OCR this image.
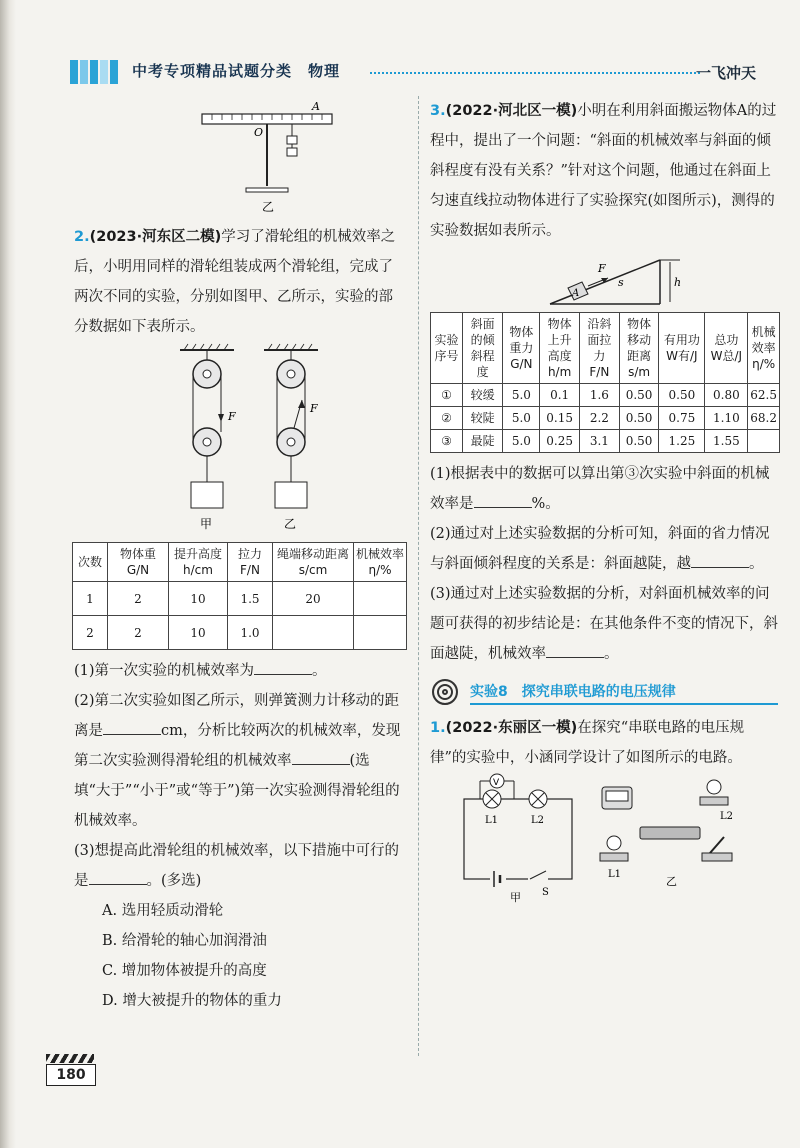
中考专项精品试题分类　物理	一飞冲天
A
O
乙

2.(2023·河东区二模)学习了滑轮组的机械效率之后，小明用同样的滑轮组装成两个滑轮组，完成了两次不同的实验，分别如图甲、乙所示，实验的部分数据如下表所示。

F
甲
F
乙
次数	物体重 G/N	提升高度 h/cm	拉力 F/N	绳端移动距离 s/cm	机械效率 η/%
1	2	10	1.5	20	
2	2	10	1.0		

(1)第一次实验的机械效率为	。

(2)第二次实验如图乙所示，则弹簧测力计移动的距离是	cm，分析比较两次的机械效率，发现第二次实验测得滑轮组的机械效率	(选填“大于”“小于”或“等于”)第一次实验测得滑轮组的机械效率。

(3)想提高此滑轮组的机械效率，以下措施中可行的是	。(多选)

A. 选用轻质动滑轮

B. 给滑轮的轴心加润滑油

C. 增加物体被提升的高度

D. 增大被提升的物体的重力

3.(2022·河北区一模)小明在利用斜面搬运物体A的过程中，提出了一个问题：“斜面的机械效率与斜面的倾斜程度有没有关系？”针对这个问题，他通过在斜面上匀速直线拉动物体进行了实验探究(如图所示)，测得的实验数据如表所示。

A
F
s	h
实验序号	斜面的倾斜程度	物体重力 G/N	物体上升高度 h/m	沿斜面拉力 F/N	物体移动距离 s/m	有用功 W有/J	总功 W总/J	机械效率 η/%
①	较缓	5.0	0.1	1.6	0.50	0.50	0.80	62.5
②	较陡	5.0	0.15	2.2	0.50	0.75	1.10	68.2
③	最陡	5.0	0.25	3.1	0.50	1.25	1.55	

(1)根据表中的数据可以算出第③次实验中斜面的机械效率是	%。

(2)通过对上述实验数据的分析可知，斜面的省力情况与斜面倾斜程度的关系是：斜面越陡，越	。

(3)通过对上述实验数据的分析，对斜面机械效率的问题可获得的初步结论是：在其他条件不变的情况下，斜面越陡，机械效率	。

实验8　探究串联电路的电压规律

1.(2022·东丽区一模)在探究“串联电路的电压规律”的实验中，小涵同学设计了如图所示的电路。

V
L1	L2
S
甲
L2
L1
乙
180
